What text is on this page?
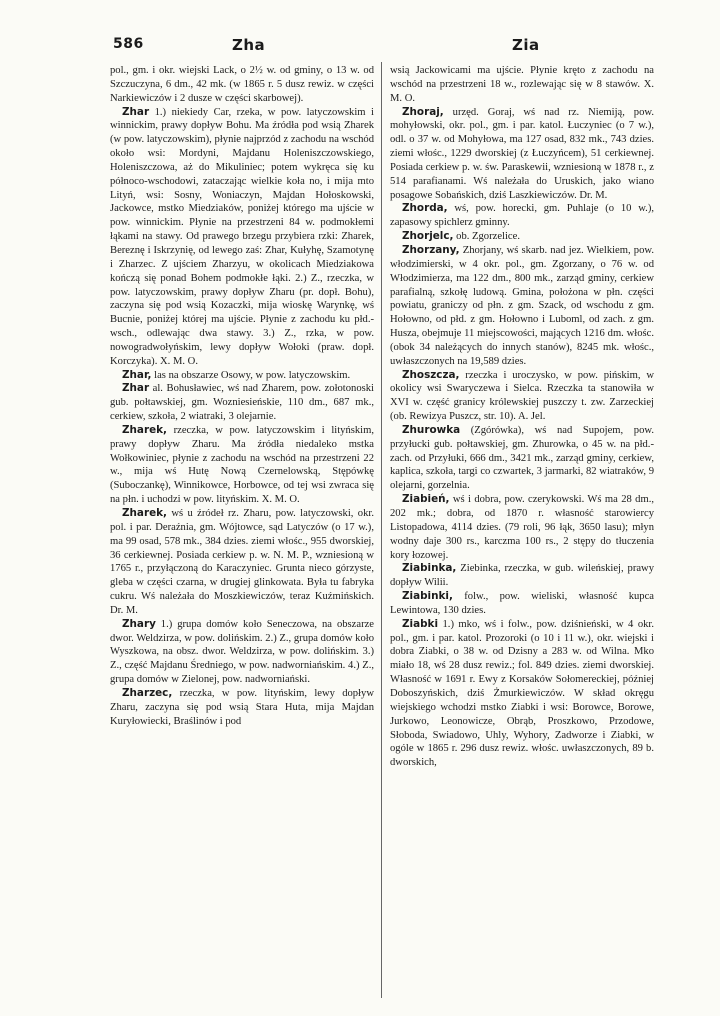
586	Zha	Zia

pol., gm. i okr. wiejski Lack, o 2½ w. od gminy, o 13 w. od Szczuczyna, 6 dm., 42 mk. (w 1865 r. 5 dusz rewiz. w części Narkiewiczów i 2 dusze w części skarbowej).

Zhar 1.) niekiedy Car, rzeka, w pow. latyczowskim i winnickim, prawy dopływ Bohu. Ma źródła pod wsią Zharek (w pow. latyczowskim), płynie najprzód z zachodu na wschód około wsi: Mordyni, Majdanu Holeniszczowskiego, Holeniszczowa, aż do Mikuliniec; potem wykręca się ku północo-wschodowi, zataczając wielkie koła no, i mija mto Lityń, wsi: Sosny, Woniaczyn, Majdan Hołoskowski, Jackowce, mstko Miedziaków, poniżej którego ma ujście w pow. winnickim. Płynie na przestrzeni 84 w. podmokłemi łąkami na stawy. Od prawego brzegu przybiera rzki: Zharek, Bereznę i Iskrzynię, od lewego zaś: Zhar, Kułyhę, Szamotynę i Zharzec. Z ujściem Zharzyu, w okolicach Miedziakowa kończą się ponad Bohem podmokłe łąki. 2.) Z., rzeczka, w pow. latyczowskim, prawy dopływ Zharu (pr. dopł. Bohu), zaczyna się pod wsią Kozaczki, mija wioskę Warynkę, wś Bucnie, poniżej której ma ujście. Płynie z zachodu ku płd.-wsch., odlewając dwa stawy. 3.) Z., rzka, w pow. nowogradwołyńskim, lewy dopływ Wołoki (praw. dopł. Korczyka). X. M. O.

Zhar, las na obszarze Osowy, w pow. latyczowskim.

Zhar al. Bohusławiec, wś nad Zharem, pow. zołotonoski gub. połtawskiej, gm. Wozniesieńskie, 110 dm., 687 mk., cerkiew, szkoła, 2 wiatraki, 3 olejarnie.

Zharek, rzeczka, w pow. latyczowskim i lityńskim, prawy dopływ Zharu. Ma źródła niedaleko mstka Wołkowiniec, płynie z zachodu na wschód na przestrzeni 22 w., mija wś Hutę Nową Czernelowską, Stępówkę (Suboczankę), Winnikowce, Horbowce, od tej wsi zwraca się na płn. i uchodzi w pow. lityńskim. X. M. O.

Zharek, wś u źródeł rz. Zharu, pow. latyczowski, okr. pol. i par. Deraźnia, gm. Wójtowce, sąd Latyczów (o 17 w.), ma 99 osad, 578 mk., 384 dzies. ziemi włośc., 955 dworskiej, 36 cerkiewnej. Posiada cerkiew p. w. N. M. P., wzniesioną w 1765 r., przyłączoną do Karaczyniec. Grunta nieco górzyste, gleba w części czarna, w drugiej glinkowata. Była tu fabryka cukru. Wś należała do Moszkiewiczów, teraz Kuźmińskich. Dr. M.

Zhary 1.) grupa domów koło Seneczowa, na obszarze dwor. Weldzirza, w pow. dolińskim. 2.) Z., grupa domów koło Wyszkowa, na obsz. dwor. Weldzirza, w pow. dolińskim. 3.) Z., część Majdanu Średniego, w pow. nadworniańskim. 4.) Z., grupa domów w Zielonej, pow. nadworniański.

Zharzec, rzeczka, w pow. lityńskim, lewy dopływ Zharu, zaczyna się pod wsią Stara Huta, mija Majdan Kuryłowiecki, Braślinów i pod

wsią Jackowicami ma ujście. Płynie kręto z zachodu na wschód na przestrzeni 18 w., rozlewając się w 8 stawów. X. M. O.

Zhoraj, urzęd. Goraj, wś nad rz. Niemiją, pow. mohyłowski, okr. pol., gm. i par. katol. Łuczyniec (o 7 w.), odl. o 37 w. od Mohyłowa, ma 127 osad, 832 mk., 743 dzies. ziemi włośc., 1229 dworskiej (z Łuczyńcem), 51 cerkiewnej. Posiada cerkiew p. w. św. Paraskewii, wzniesioną w 1878 r., z 514 parafianami. Wś należała do Uruskich, jako wiano posagowe Sobańskich, dziś Laszkiewiczów. Dr. M.

Zhorda, wś, pow. horecki, gm. Puhlaje (o 10 w.), zapasowy spichlerz gminny.

Zhorjelc, ob. Zgorzelice.

Zhorzany, Zhorjany, wś skarb. nad jez. Wielkiem, pow. włodzimierski, w 4 okr. pol., gm. Zgorzany, o 76 w. od Włodzimierza, ma 122 dm., 800 mk., zarząd gminy, cerkiew parafialną, szkołę ludową. Gmina, położona w płn. części powiatu, graniczy od płn. z gm. Szack, od wschodu z gm. Hołowno, od płd. z gm. Hołowno i Luboml, od zach. z gm. Husza, obejmuje 11 miejscowości, mających 1216 dm. włośc. (obok 34 należących do innych stanów), 8245 mk. włośc., uwłaszczonych na 19,589 dzies.

Zhoszcza, rzeczka i uroczysko, w pow. pińskim, w okolicy wsi Swaryczewa i Sielca. Rzeczka ta stanowiła w XVI w. część granicy królewskiej puszczy t. zw. Zarzeckiej (ob. Rewizya Puszcz, str. 10). A. Jel.

Zhurowka (Zgórówka), wś nad Supojem, pow. przyłucki gub. połtawskiej, gm. Zhurowka, o 45 w. na płd.-zach. od Przyłuki, 666 dm., 3421 mk., zarząd gminy, cerkiew, kaplica, szkoła, targi co czwartek, 3 jarmarki, 82 wiatraków, 9 olejarni, gorzelnia.

Ziabień, wś i dobra, pow. czerykowski. Wś ma 28 dm., 202 mk.; dobra, od 1870 r. własność starowiercy Listopadowa, 4114 dzies. (79 roli, 96 łąk, 3650 lasu); młyn wodny daje 300 rs., karczma 100 rs., 2 stępy do tłuczenia kory łozowej.

Ziabinka, Ziebinka, rzeczka, w gub. wileńskiej, prawy dopływ Wilii.

Ziabinki, folw., pow. wieliski, własność kupca Lewintowa, 130 dzies.

Ziabki 1.) mko, wś i folw., pow. dziśnieński, w 4 okr. pol., gm. i par. katol. Prozoroki (o 10 i 11 w.), okr. wiejski i dobra Ziabki, o 38 w. od Dzisny a 283 w. od Wilna. Mko miało 18, wś 28 dusz rewiz.; fol. 849 dzies. ziemi dworskiej. Własność w 1691 r. Ewy z Korsaków Sołomereckiej, później Doboszyńskich, dziś Żmurkiewiczów. W skład okręgu wiejskiego wchodzi mstko Ziabki i wsi: Borowce, Borowe, Jurkowo, Leonowicze, Obrąb, Proszkowo, Przodowe, Słoboda, Swiadowo, Uhly, Wyhory, Zadworze i Ziabki, w ogóle w 1865 r. 296 dusz rewiz. włośc. uwłaszczonych, 89 b. dworskich,
